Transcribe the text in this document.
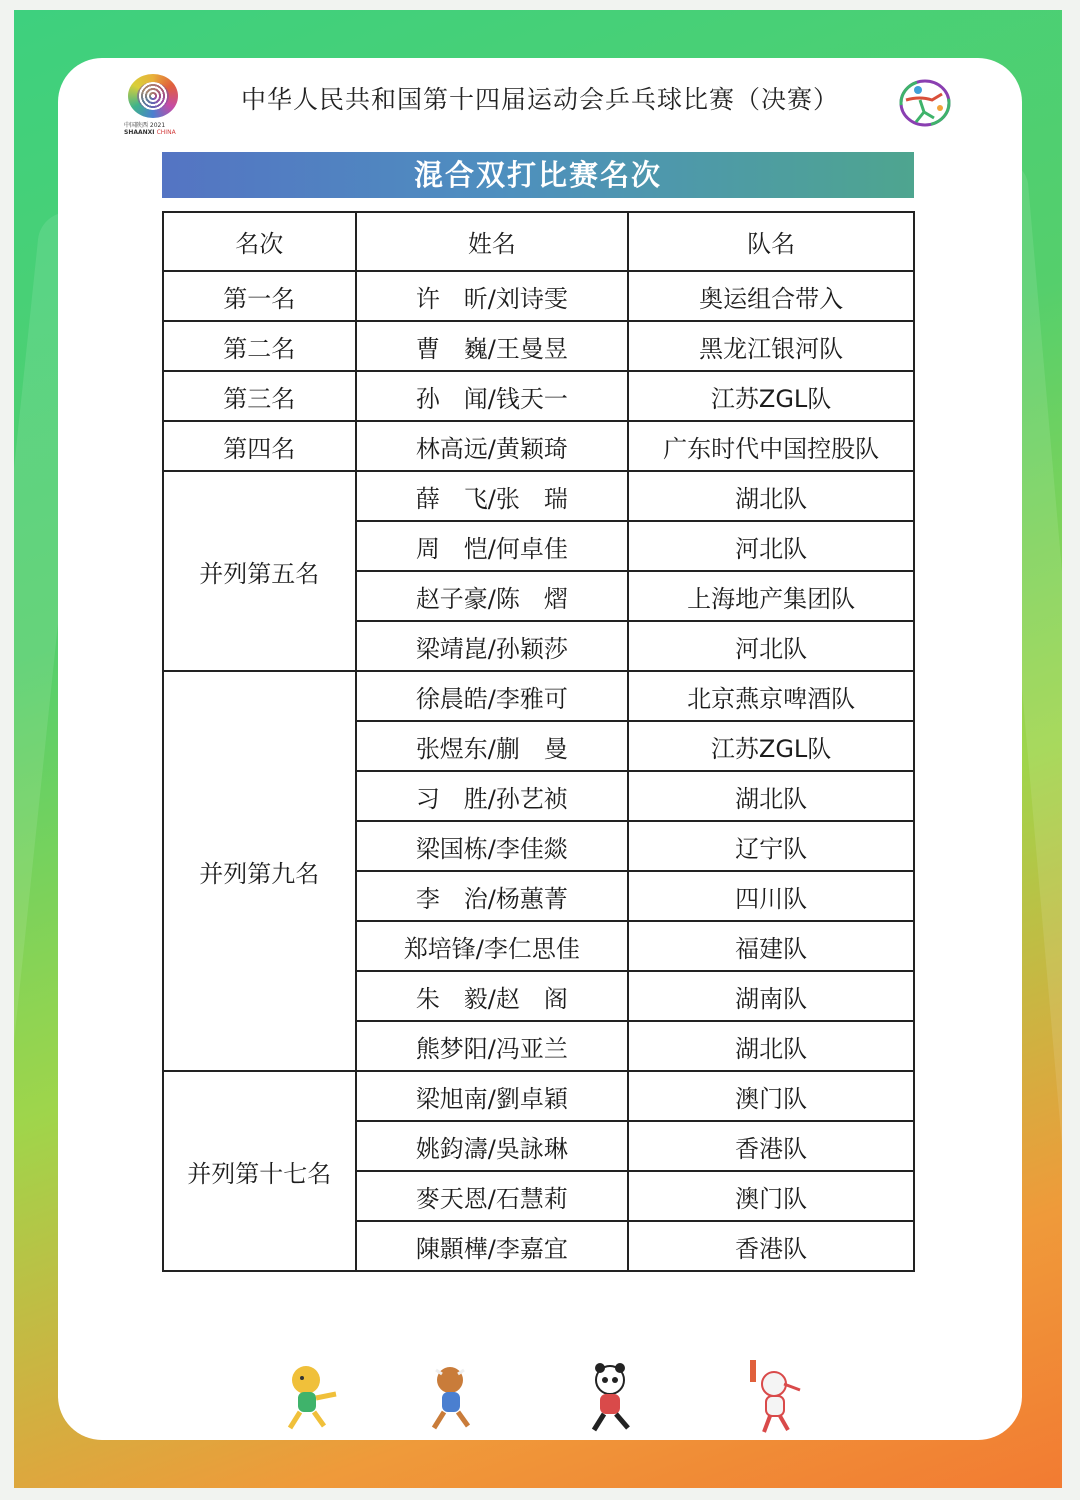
中国陕西 2021
SHAANXI CHINA
中华人民共和国第十四届运动会乒乓球比赛（决赛）
混合双打比赛名次
名次	姓名	队名
第一名	许　昕/刘诗雯	奥运组合带入
第二名	曹　巍/王曼昱	黑龙江银河队
第三名	孙　闻/钱天一	江苏ZGL队
第四名	林高远/黄颖琦	广东时代中国控股队
并列第五名	薛　飞/张　瑞	湖北队
	周　恺/何卓佳	河北队
	赵子豪/陈　熠	上海地产集团队
	梁靖崑/孙颖莎	河北队
并列第九名	徐晨皓/李雅可	北京燕京啤酒队
	张煜东/蒯　曼	江苏ZGL队
	习　胜/孙艺祯	湖北队
	梁国栋/李佳燚	辽宁队
	李　治/杨蕙菁	四川队
	郑培锋/李仁思佳	福建队
	朱　毅/赵　阁	湖南队
	熊梦阳/冯亚兰	湖北队
并列第十七名	梁旭南/劉卓穎	澳门队
	姚鈞濤/吳詠琳	香港队
	麥天恩/石慧莉	澳门队
	陳顥樺/李嘉宜	香港队
